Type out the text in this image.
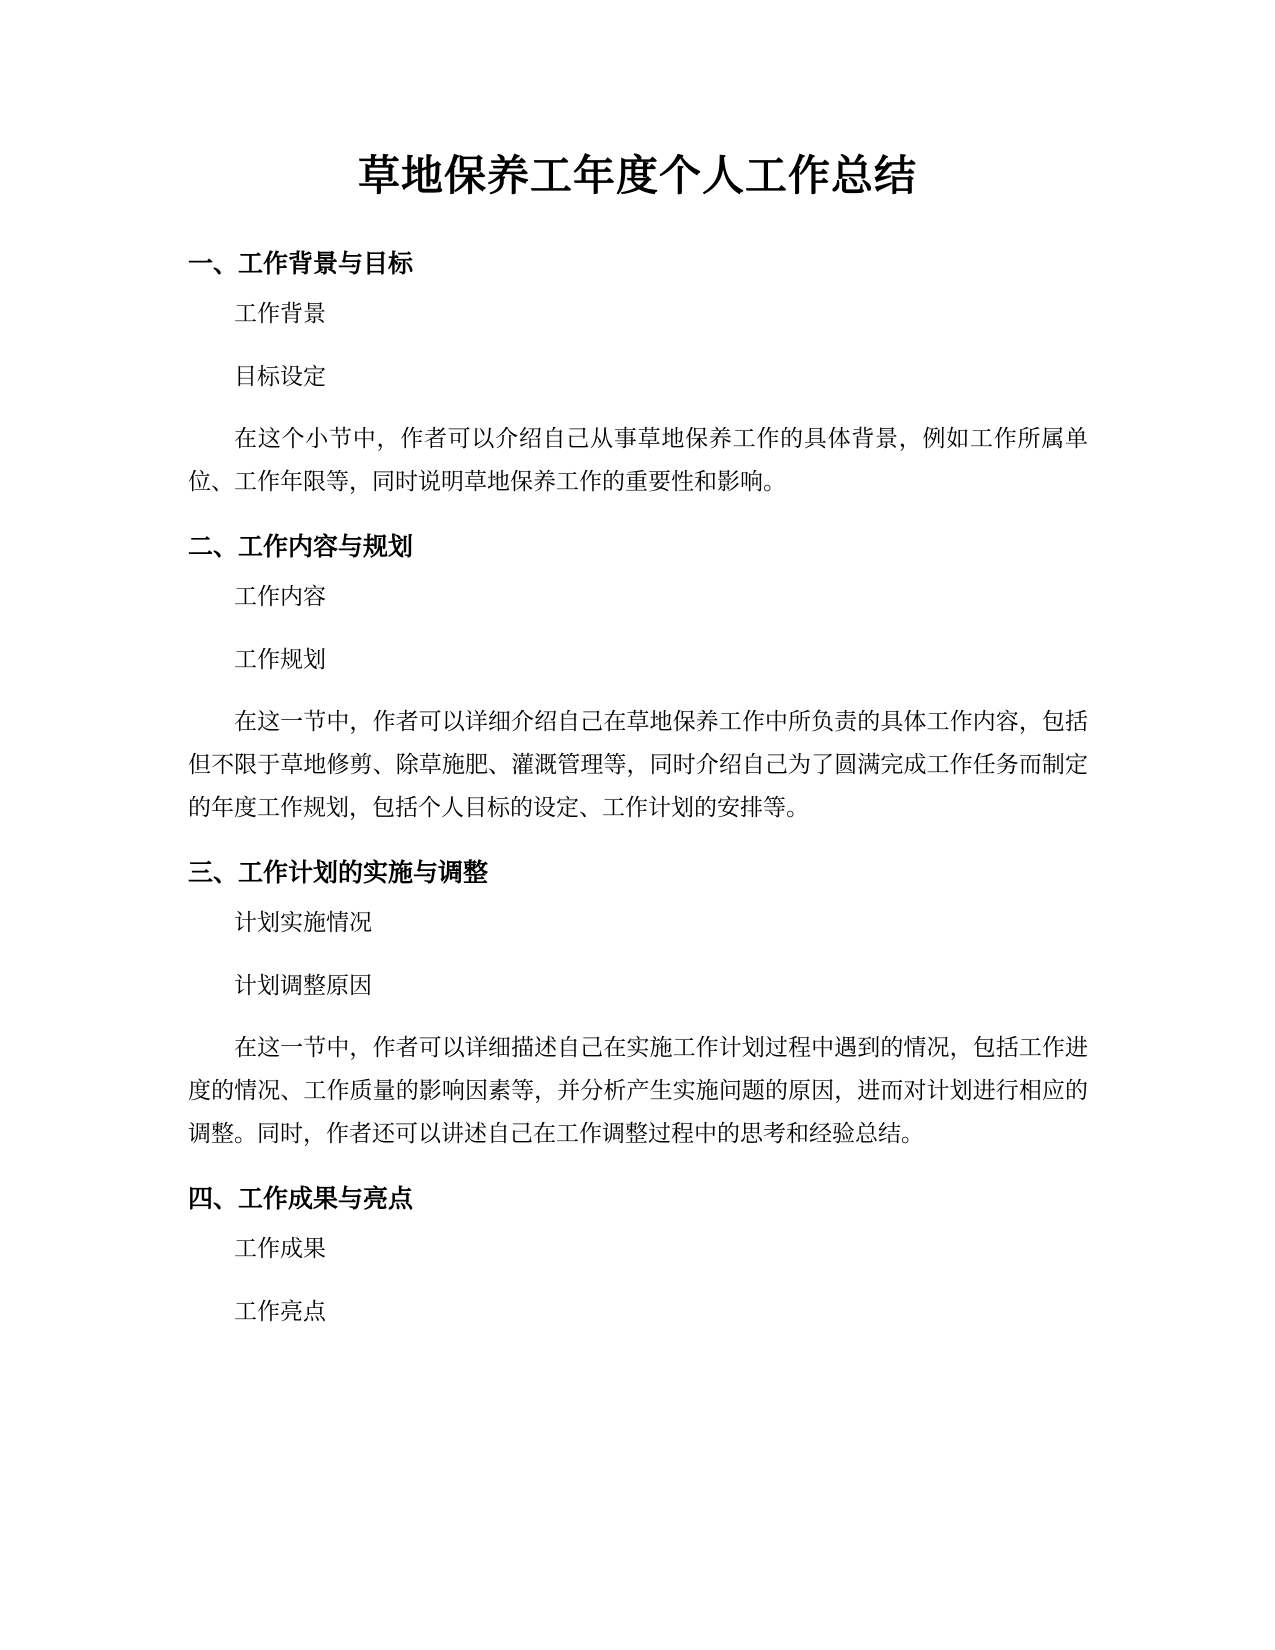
草地保养工年度个人工作总结
一、工作背景与目标

工作背景

目标设定

在这个小节中，作者可以介绍自己从事草地保养工作的具体背景，例如工作所属单位、工作年限等，同时说明草地保养工作的重要性和影响。

二、工作内容与规划

工作内容

工作规划

在这一节中，作者可以详细介绍自己在草地保养工作中所负责的具体工作内容，包括但不限于草地修剪、除草施肥、灌溉管理等，同时介绍自己为了圆满完成工作任务而制定的年度工作规划，包括个人目标的设定、工作计划的安排等。

三、工作计划的实施与调整

计划实施情况

计划调整原因

在这一节中，作者可以详细描述自己在实施工作计划过程中遇到的情况，包括工作进度的情况、工作质量的影响因素等，并分析产生实施问题的原因，进而对计划进行相应的调整。同时，作者还可以讲述自己在工作调整过程中的思考和经验总结。

四、工作成果与亮点

工作成果

工作亮点
